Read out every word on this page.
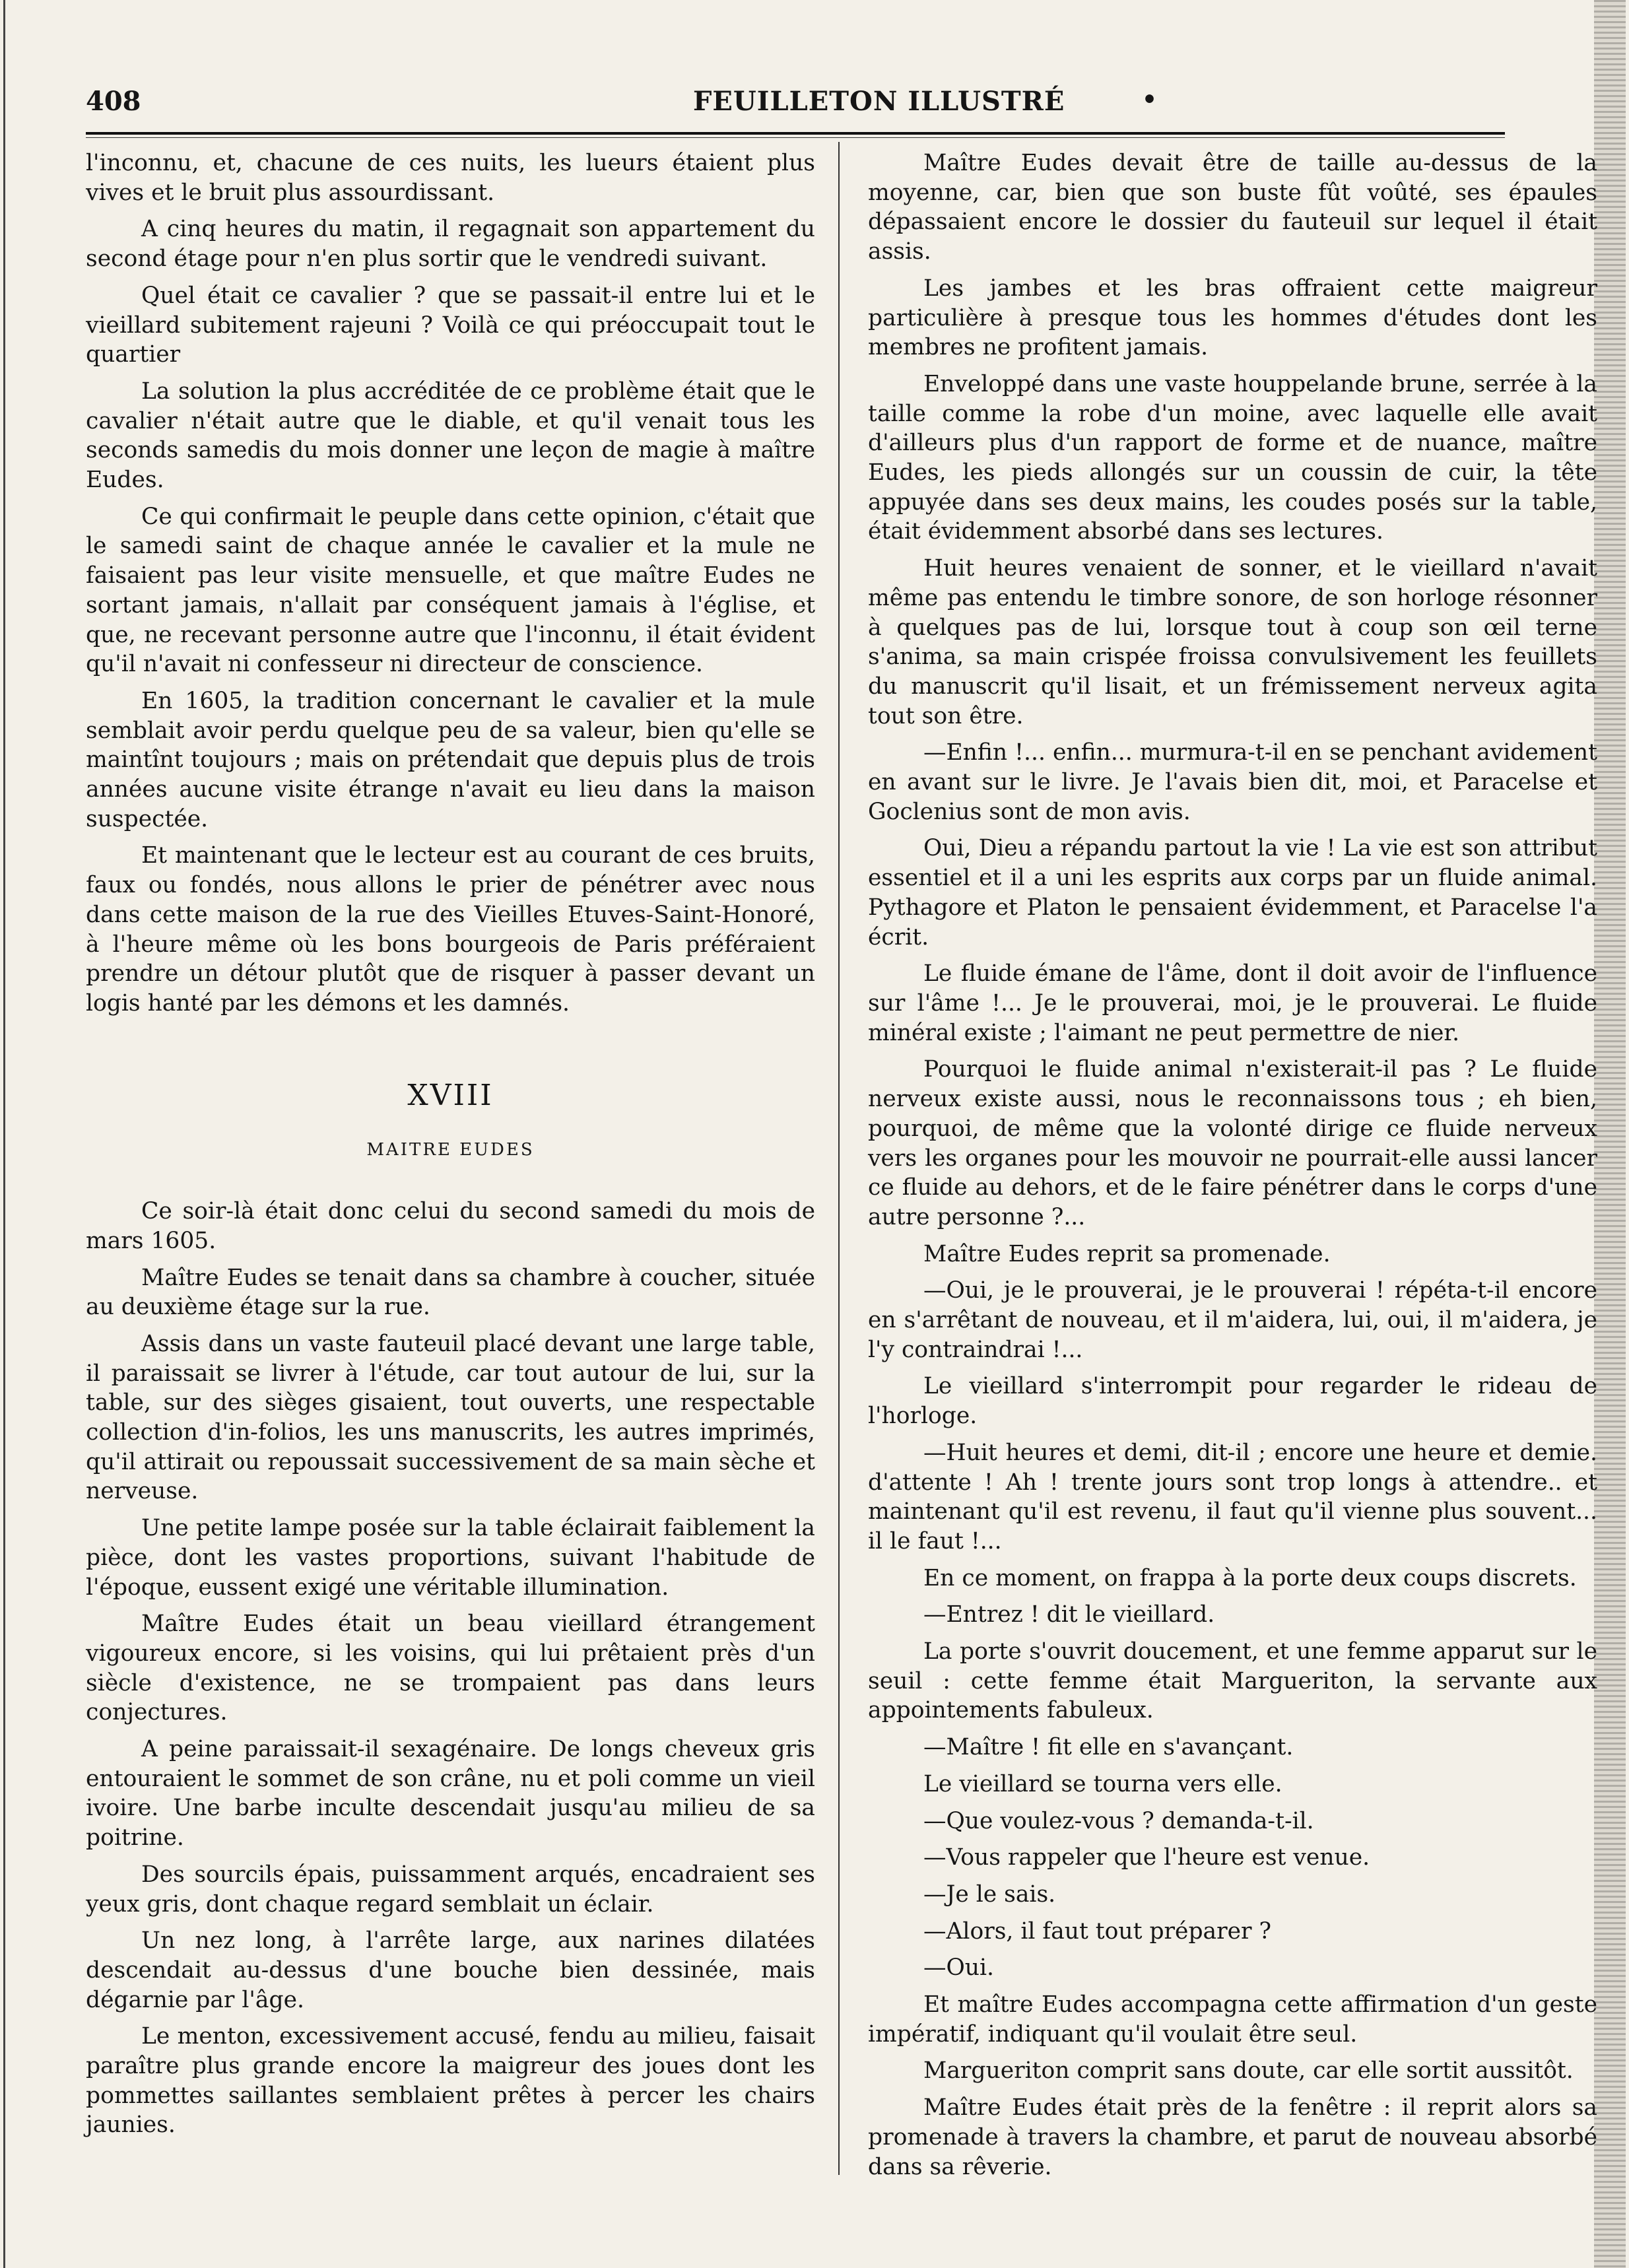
408	FEUILLETON ILLUSTRÉ	•

l'inconnu, et, chacune de ces nuits, les lueurs étaient plus vives et le bruit plus assourdissant.

A cinq heures du matin, il regagnait son appartement du second étage pour n'en plus sortir que le vendredi suivant.

Quel était ce cavalier ? que se passait-il entre lui et le vieillard subitement rajeuni ? Voilà ce qui préoccupait tout le quartier

La solution la plus accréditée de ce problème était que le cavalier n'était autre que le diable, et qu'il venait tous les seconds samedis du mois donner une leçon de magie à maître Eudes.

Ce qui confirmait le peuple dans cette opinion, c'était que le samedi saint de chaque année le cavalier et la mule ne faisaient pas leur visite mensuelle, et que maître Eudes ne sortant jamais, n'allait par conséquent jamais à l'église, et que, ne recevant personne autre que l'inconnu, il était évident qu'il n'avait ni confesseur ni directeur de conscience.

En 1605, la tradition concernant le cavalier et la mule semblait avoir perdu quelque peu de sa valeur, bien qu'elle se maintînt toujours ; mais on prétendait que depuis plus de trois années aucune visite étrange n'avait eu lieu dans la maison suspectée.

Et maintenant que le lecteur est au courant de ces bruits, faux ou fondés, nous allons le prier de pénétrer avec nous dans cette maison de la rue des Vieilles Etuves-Saint-Honoré, à l'heure même où les bons bourgeois de Paris préféraient prendre un détour plutôt que de risquer à passer devant un logis hanté par les démons et les damnés.

XVIII
MAITRE EUDES

Ce soir-là était donc celui du second samedi du mois de mars 1605.

Maître Eudes se tenait dans sa chambre à coucher, située au deuxième étage sur la rue.

Assis dans un vaste fauteuil placé devant une large table, il paraissait se livrer à l'étude, car tout autour de lui, sur la table, sur des sièges gisaient, tout ouverts, une respectable collection d'in-folios, les uns manuscrits, les autres imprimés, qu'il attirait ou repoussait successivement de sa main sèche et nerveuse.

Une petite lampe posée sur la table éclairait faiblement la pièce, dont les vastes proportions, suivant l'habitude de l'époque, eussent exigé une véritable illumination.

Maître Eudes était un beau vieillard étrangement vigoureux encore, si les voisins, qui lui prêtaient près d'un siècle d'existence, ne se trompaient pas dans leurs conjectures.

A peine paraissait-il sexagénaire. De longs cheveux gris entouraient le sommet de son crâne, nu et poli comme un vieil ivoire. Une barbe inculte descendait jusqu'au milieu de sa poitrine.

Des sourcils épais, puissamment arqués, encadraient ses yeux gris, dont chaque regard semblait un éclair.

Un nez long, à l'arrête large, aux narines dilatées descendait au-dessus d'une bouche bien dessinée, mais dégarnie par l'âge.

Le menton, excessivement accusé, fendu au milieu, faisait paraître plus grande encore la maigreur des joues dont les pommettes saillantes semblaient prêtes à percer les chairs jaunies.

Maître Eudes devait être de taille au-dessus de la moyenne, car, bien que son buste fût voûté, ses épaules dépassaient encore le dossier du fauteuil sur lequel il était assis.

Les jambes et les bras offraient cette maigreur particulière à presque tous les hommes d'études dont les membres ne profitent jamais.

Enveloppé dans une vaste houppelande brune, serrée à la taille comme la robe d'un moine, avec laquelle elle avait d'ailleurs plus d'un rapport de forme et de nuance, maître Eudes, les pieds allongés sur un coussin de cuir, la tête appuyée dans ses deux mains, les coudes posés sur la table, était évidemment absorbé dans ses lectures.

Huit heures venaient de sonner, et le vieillard n'avait même pas entendu le timbre sonore, de son horloge résonner à quelques pas de lui, lorsque tout à coup son œil terne s'anima, sa main crispée froissa convulsivement les feuillets du manuscrit qu'il lisait, et un frémissement nerveux agita tout son être.

—Enfin !... enfin... murmura-t-il en se penchant avidement en avant sur le livre. Je l'avais bien dit, moi, et Paracelse et Goclenius sont de mon avis.

Oui, Dieu a répandu partout la vie ! La vie est son attribut essentiel et il a uni les esprits aux corps par un fluide animal. Pythagore et Platon le pensaient évidemment, et Paracelse l'a écrit.

Le fluide émane de l'âme, dont il doit avoir de l'influence sur l'âme !... Je le prouverai, moi, je le prouverai. Le fluide minéral existe ; l'aimant ne peut permettre de nier.

Pourquoi le fluide animal n'existerait-il pas ? Le fluide nerveux existe aussi, nous le reconnaissons tous ; eh bien, pourquoi, de même que la volonté dirige ce fluide nerveux vers les organes pour les mouvoir ne pourrait-elle aussi lancer ce fluide au dehors, et de le faire pénétrer dans le corps d'une autre personne ?...

Maître Eudes reprit sa promenade.

—Oui, je le prouverai, je le prouverai ! répéta-t-il encore en s'arrêtant de nouveau, et il m'aidera, lui, oui, il m'aidera, je l'y contraindrai !...

Le vieillard s'interrompit pour regarder le rideau de l'horloge.

—Huit heures et demi, dit-il ; encore une heure et demie. d'attente ! Ah ! trente jours sont trop longs à attendre.. et maintenant qu'il est revenu, il faut qu'il vienne plus souvent... il le faut !...

En ce moment, on frappa à la porte deux coups discrets.

—Entrez ! dit le vieillard.

La porte s'ouvrit doucement, et une femme apparut sur le seuil : cette femme était Margueriton, la servante aux appointements fabuleux.

—Maître ! fit elle en s'avançant.

Le vieillard se tourna vers elle.

—Que voulez-vous ? demanda-t-il.

—Vous rappeler que l'heure est venue.

—Je le sais.

—Alors, il faut tout préparer ?

—Oui.

Et maître Eudes accompagna cette affirmation d'un geste impératif, indiquant qu'il voulait être seul.

Margueriton comprit sans doute, car elle sortit aussitôt.

Maître Eudes était près de la fenêtre : il reprit alors sa promenade à travers la chambre, et parut de nouveau absorbé dans sa rêverie.
